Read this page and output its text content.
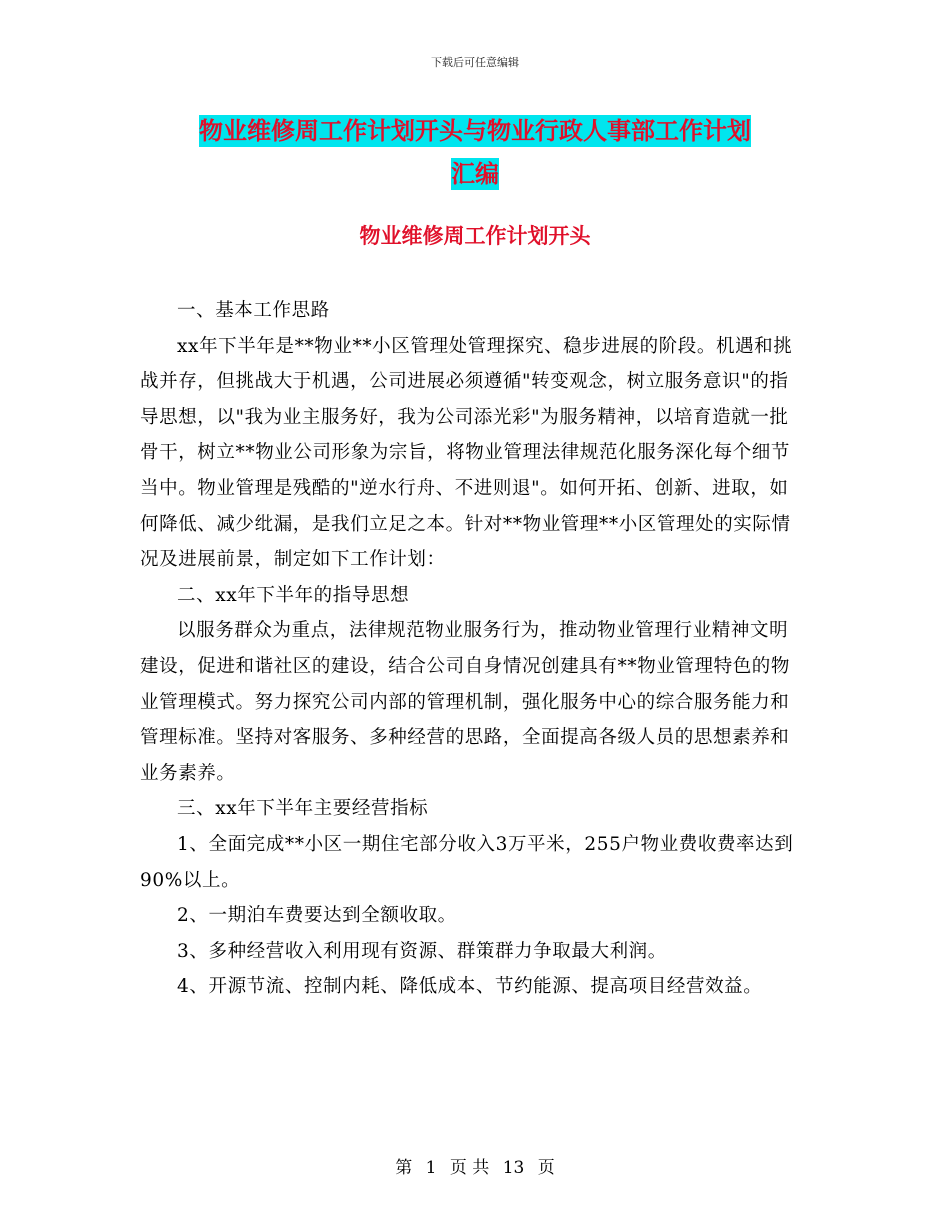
下载后可任意编辑
物业维修周工作计划开头与物业行政人事部工作计划
汇编
物业维修周工作计划开头

一、基本工作思路

xx年下半年是**物业**小区管理处管理探究、稳步进展的阶段。机遇和挑战并存，但挑战大于机遇，公司进展必须遵循"转变观念，树立服务意识"的指导思想，以"我为业主服务好，我为公司添光彩"为服务精神，以培育造就一批骨干，树立**物业公司形象为宗旨，将物业管理法律规范化服务深化每个细节当中。物业管理是残酷的"逆水行舟、不进则退"。如何开拓、创新、进取，如何降低、减少纰漏，是我们立足之本。针对**物业管理**小区管理处的实际情况及进展前景，制定如下工作计划：

二、xx年下半年的指导思想

以服务群众为重点，法律规范物业服务行为，推动物业管理行业精神文明建设，促进和谐社区的建设，结合公司自身情况创建具有**物业管理特色的物业管理模式。努力探究公司内部的管理机制，强化服务中心的综合服务能力和管理标准。坚持对客服务、多种经营的思路，全面提高各级人员的思想素养和业务素养。

三、xx年下半年主要经营指标

1、全面完成**小区一期住宅部分收入3万平米，255户物业费收费率达到90%以上。

2、一期泊车费要达到全额收取。

3、多种经营收入利用现有资源、群策群力争取最大利润。

4、开源节流、控制内耗、降低成本、节约能源、提高项目经营效益。

第 1 页 共 13 页
